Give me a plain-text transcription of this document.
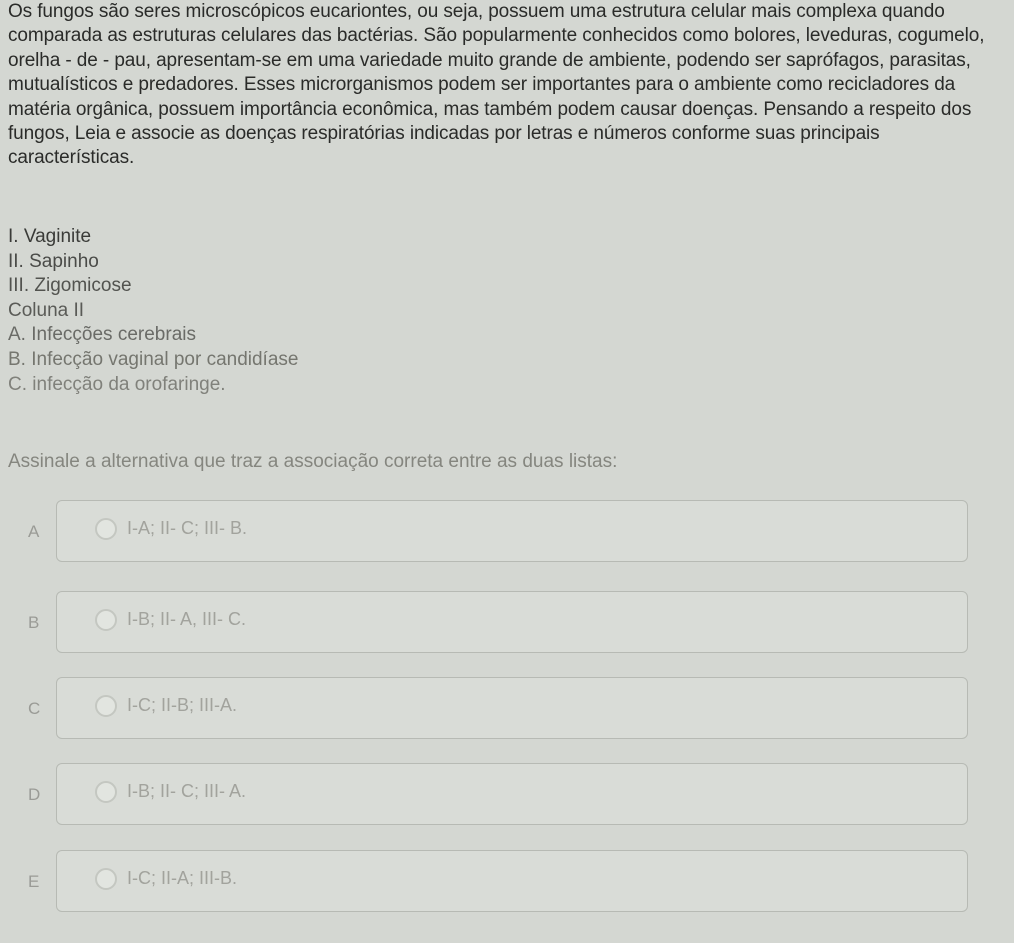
Os fungos são seres microscópicos eucariontes, ou seja, possuem uma estrutura celular mais complexa quando comparada as estruturas celulares das bactérias. São popularmente conhecidos como bolores, leveduras, cogumelo, orelha - de - pau, apresentam-se em uma variedade muito grande de ambiente, podendo ser saprófagos, parasitas, mutualísticos e predadores. Esses microrganismos podem ser importantes para o ambiente como recicladores da matéria orgânica, possuem importância econômica, mas também podem causar doenças. Pensando a respeito dos fungos, Leia e associe as doenças respiratórias indicadas por letras e números conforme suas principais características.

I. Vaginite
II. Sapinho
III. Zigomicose
Coluna II
A. Infecções cerebrais
B. Infecção vaginal por candidíase
C. infecção da orofaringe.
Assinale a alternativa que traz a associação correta entre as duas listas:
A	I-A; II- C; III- B.
B	I-B; II- A, III- C.
C	I-C; II-B; III-A.
D	I-B; II- C; III- A.
E	I-C; II-A; III-B.
